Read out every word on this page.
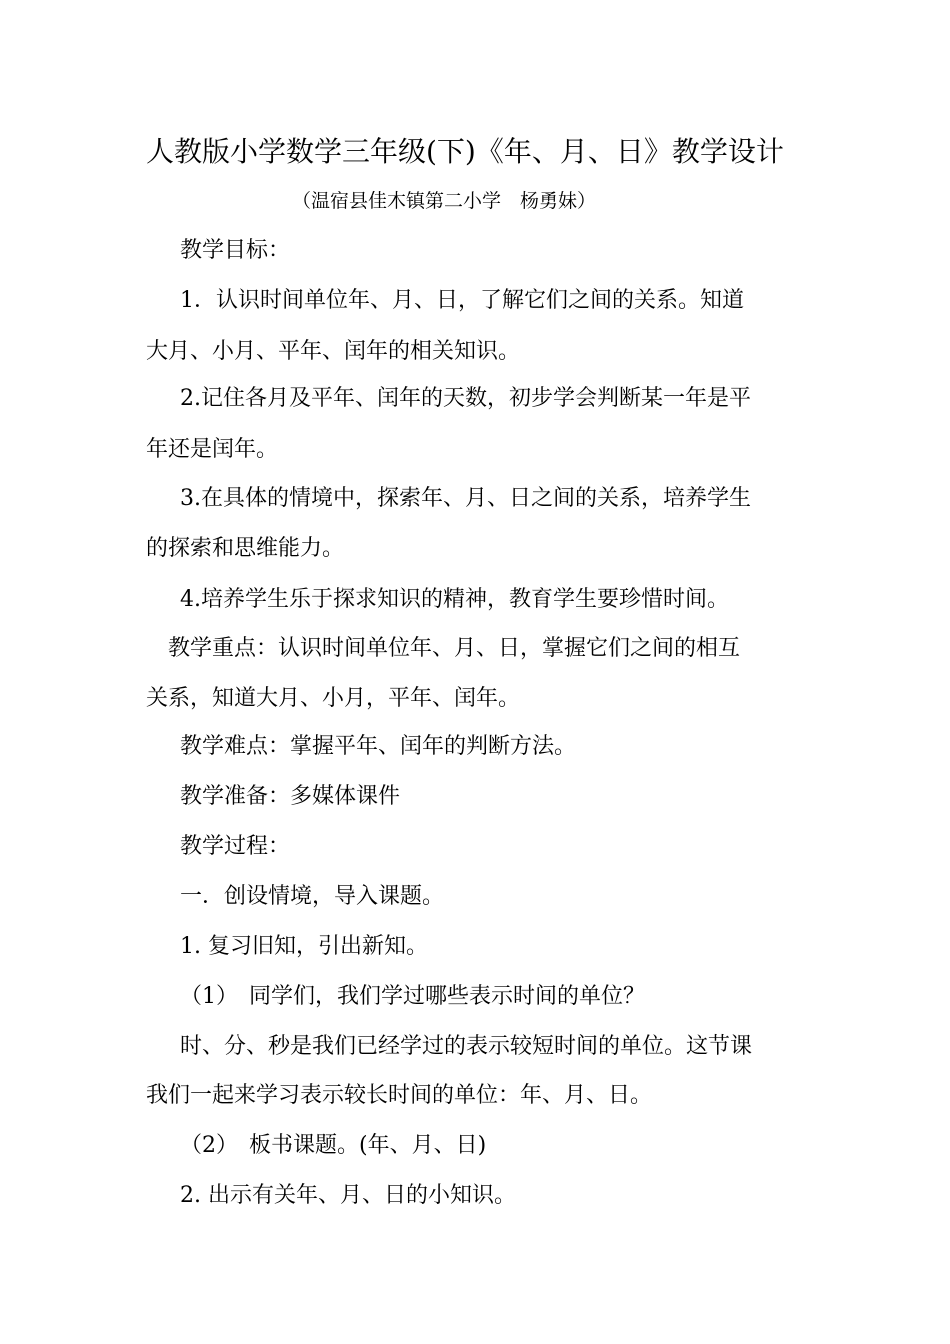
人教版小学数学三年级(下)《年、月、日》教学设计
（温宿县佳木镇第二小学　杨勇妹）
教学目标：
1．认识时间单位年、月、日，了解它们之间的关系。知道
大月、小月、平年、闰年的相关知识。
2.记住各月及平年、闰年的天数，初步学会判断某一年是平
年还是闰年。
3.在具体的情境中，探索年、月、日之间的关系，培养学生
的探索和思维能力。
4.培养学生乐于探求知识的精神，教育学生要珍惜时间。
教学重点：认识时间单位年、月、日，掌握它们之间的相互
关系，知道大月、小月，平年、闰年。
教学难点：掌握平年、闰年的判断方法。
教学准备：多媒体课件
教学过程：
一．创设情境，导入课题。
1. 复习旧知，引出新知。
（1）　同学们，我们学过哪些表示时间的单位？
时、分、秒是我们已经学过的表示较短时间的单位。这节课
我们一起来学习表示较长时间的单位：年、月、日。
（2）　板书课题。(年、月、日)
2. 出示有关年、月、日的小知识。
